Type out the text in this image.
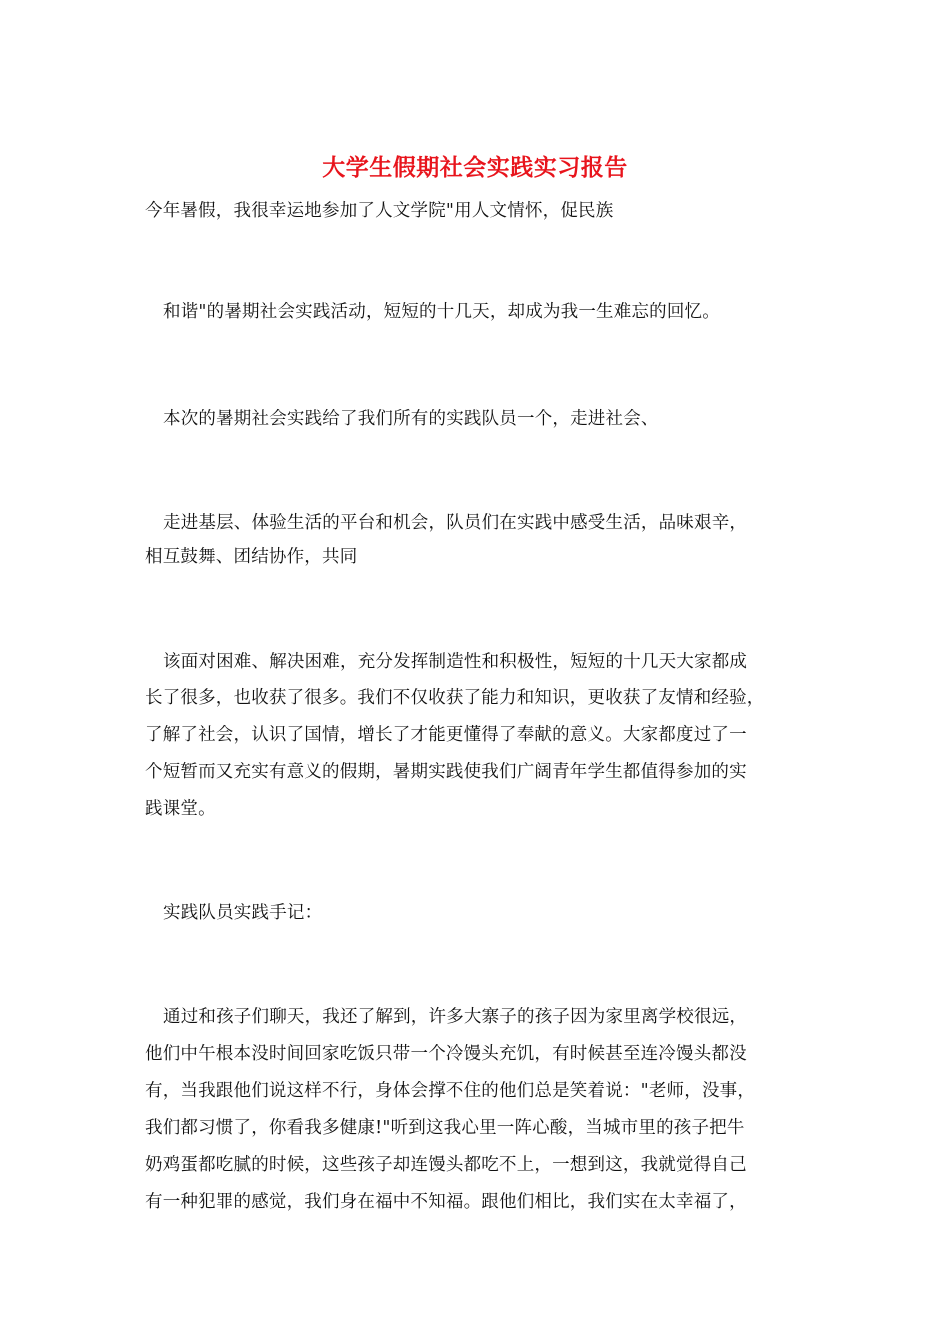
大学生假期社会实践实习报告
今年暑假，我很幸运地参加了人文学院"用人文情怀，促民族
和谐"的暑期社会实践活动，短短的十几天，却成为我一生难忘的回忆。
本次的暑期社会实践给了我们所有的实践队员一个，走进社会、
走进基层、体验生活的平台和机会，队员们在实践中感受生活，品味艰辛，
相互鼓舞、团结协作，共同
该面对困难、解决困难，充分发挥制造性和积极性，短短的十几天大家都成
长了很多，也收获了很多。我们不仅收获了能力和知识，更收获了友情和经验，
了解了社会，认识了国情，增长了才能更懂得了奉献的意义。大家都度过了一
个短暂而又充实有意义的假期，暑期实践使我们广阔青年学生都值得参加的实
践课堂。
实践队员实践手记：
通过和孩子们聊天，我还了解到，许多大寨子的孩子因为家里离学校很远，
他们中午根本没时间回家吃饭只带一个冷馒头充饥，有时候甚至连冷馒头都没
有，当我跟他们说这样不行，身体会撑不住的他们总是笑着说："老师，没事，
我们都习惯了，你看我多健康!"听到这我心里一阵心酸，当城市里的孩子把牛
奶鸡蛋都吃腻的时候，这些孩子却连馒头都吃不上，一想到这，我就觉得自己
有一种犯罪的感觉，我们身在福中不知福。跟他们相比，我们实在太幸福了，
